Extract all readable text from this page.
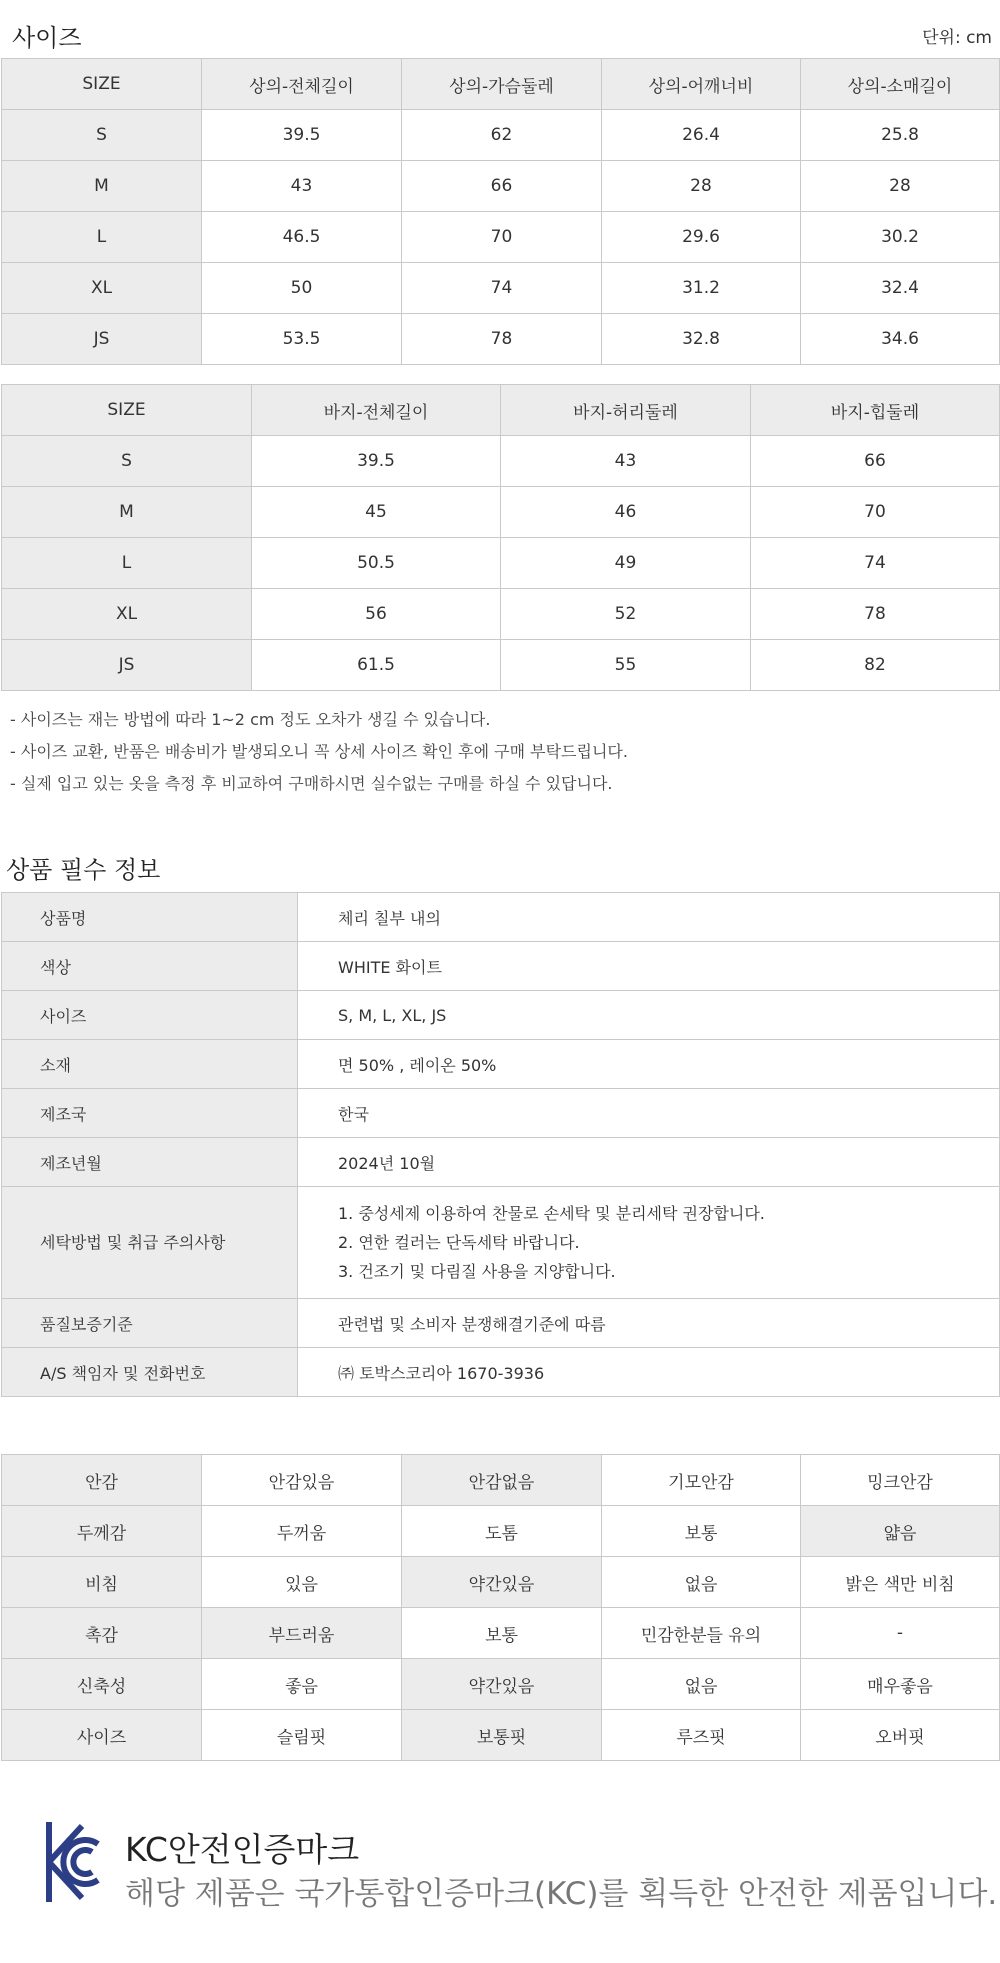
사이즈	단위: cm
SIZE	상의-전체길이	상의-가슴둘레	상의-어깨너비	상의-소매길이
S	39.5	62	26.4	25.8
M	43	66	28	28
L	46.5	70	29.6	30.2
XL	50	74	31.2	32.4
JS	53.5	78	32.8	34.6
SIZE	바지-전체길이	바지-허리둘레	바지-힙둘레
S	39.5	43	66
M	45	46	70
L	50.5	49	74
XL	56	52	78
JS	61.5	55	82
- 사이즈는 재는 방법에 따라 1~2 cm 정도 오차가 생길 수 있습니다.
- 사이즈 교환, 반품은 배송비가 발생되오니 꼭 상세 사이즈 확인 후에 구매 부탁드립니다.
- 실제 입고 있는 옷을 측정 후 비교하여 구매하시면 실수없는 구매를 하실 수 있답니다.
상품 필수 정보
상품명	체리 칠부 내의
색상	WHITE 화이트
사이즈	S, M, L, XL, JS
소재	면 50% , 레이온 50%
제조국	한국
제조년월	2024년 10월
세탁방법 및 취급 주의사항	1. 중성세제 이용하여 찬물로 손세탁 및 분리세탁 권장합니다.
2. 연한 컬러는 단독세탁 바랍니다.
3. 건조기 및 다림질 사용을 지양합니다.

품질보증기준	관련법 및 소비자 분쟁해결기준에 따름
A/S 책임자 및 전화번호	㈜ 토박스코리아 1670-3936
안감	안감있음	안감없음	기모안감	밍크안감
두께감	두꺼움	도톰	보통	얇음
비침	있음	약간있음	없음	밝은 색만 비침
촉감	부드러움	보통	민감한분들 유의	-
신축성	좋음	약간있음	없음	매우좋음
사이즈	슬림핏	보통핏	루즈핏	오버핏
KC안전인증마크
해당 제품은 국가통합인증마크(KC)를 획득한 안전한 제품입니다.
